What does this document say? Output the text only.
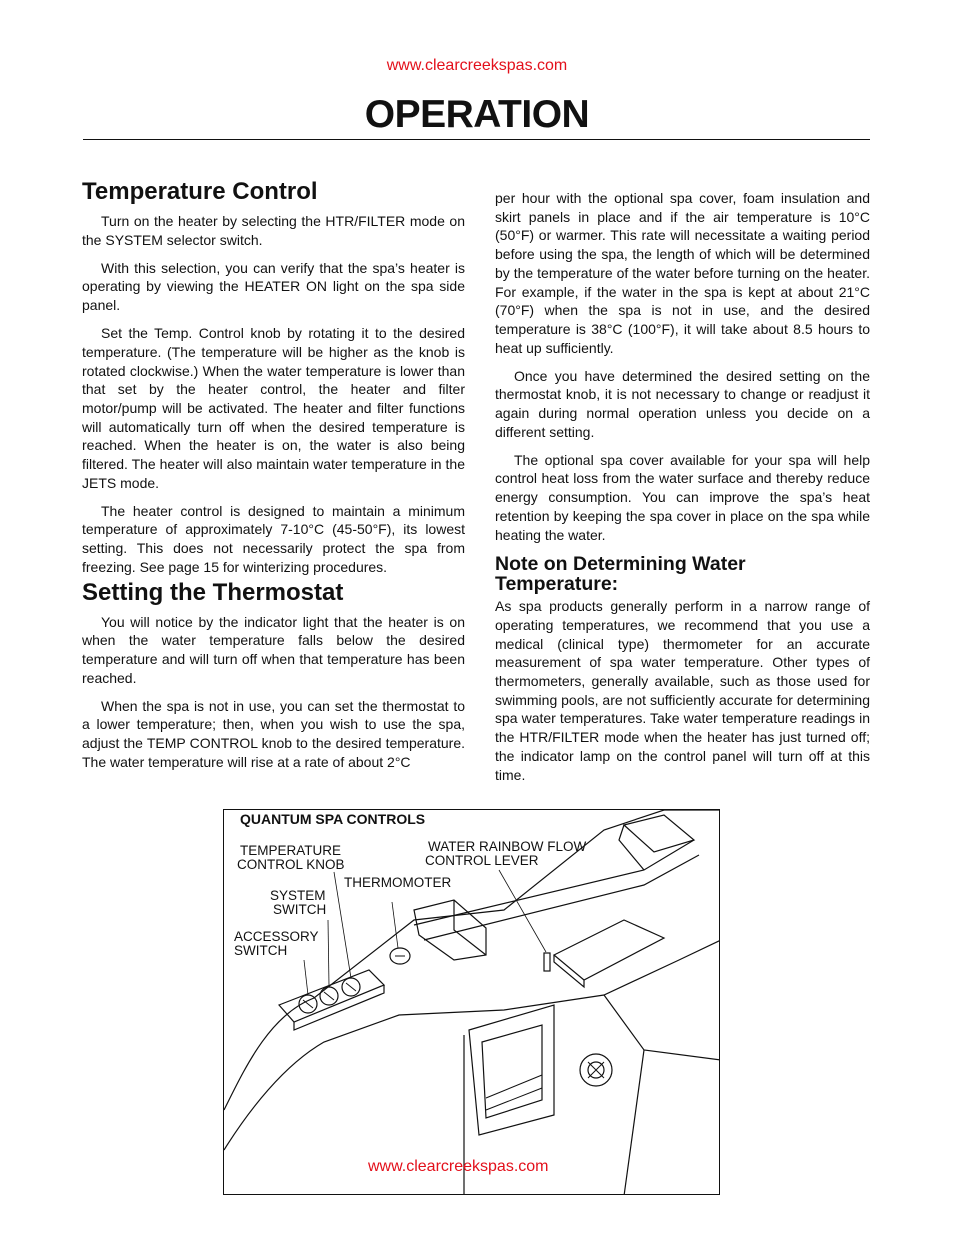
www.clearcreekspas.com
OPERATION
Temperature Control

Turn on the heater by selecting the HTR/FILTER mode on the SYSTEM selector switch.

With this selection, you can verify that the spa’s heater is operating by viewing the HEATER ON light on the spa side panel.

Set the Temp. Control knob by rotating it to the desired temperature. (The temperature will be higher as the knob is rotated clockwise.) When the water temperature is lower than that set by the heater control, the heater and filter motor/pump will be activated. The heater and filter functions will automatically turn off when the desired temperature is reached. When the heater is on, the water is also being filtered. The heater will also maintain water temperature in the JETS mode.

The heater control is designed to maintain a minimum temperature of approximately 7-10°C (45-50°F), its lowest setting. This does not necessarily protect the spa from freezing. See page 15 for winterizing procedures.

Setting the Thermostat

You will notice by the indicator light that the heater is on when the water temperature falls below the desired temperature and will turn off when that temperature has been reached.

When the spa is not in use, you can set the thermostat to a lower temperature; then, when you wish to use the spa, adjust the TEMP CONTROL knob to the desired temperature. The water temperature will rise at a rate of about 2°C

per hour with the optional spa cover, foam insulation and skirt panels in place and if the air temperature is 10°C (50°F) or warmer. This rate will necessitate a waiting period before using the spa, the length of which will be determined by the temperature of the water before turning on the heater. For example, if the water in the spa is kept at about 21°C (70°F) when the spa is not in use, and the desired temperature is 38°C (100°F), it will take about 8.5 hours to heat up sufficiently.

Once you have determined the desired setting on the thermostat knob, it is not necessary to change or readjust it again during normal operation unless you decide on a different setting.

The optional spa cover available for your spa will help control heat loss from the water surface and thereby reduce energy consumption. You can improve the spa’s heat retention by keeping the spa cover in place on the spa while heating the water.

Note on Determining Water Temperature:

As spa products generally perform in a narrow range of operating temperatures, we recommend that you use a medical (clinical type) thermometer for an accurate measurement of spa water temperature. Other types of thermometers, generally available, such as those used for swimming pools, are not sufficiently accurate for determining spa water temperatures. Take water temperature readings in the HTR/FILTER mode when the heater has just turned off; the indicator lamp on the control panel will turn off at this time.

QUANTUM SPA CONTROLS
TEMPERATURE
CONTROL KNOB
THERMOMOTER
SYSTEM
SWITCH
ACCESSORY
SWITCH
WATER RAINBOW FLOW
CONTROL LEVER
www.clearcreekspas.com
